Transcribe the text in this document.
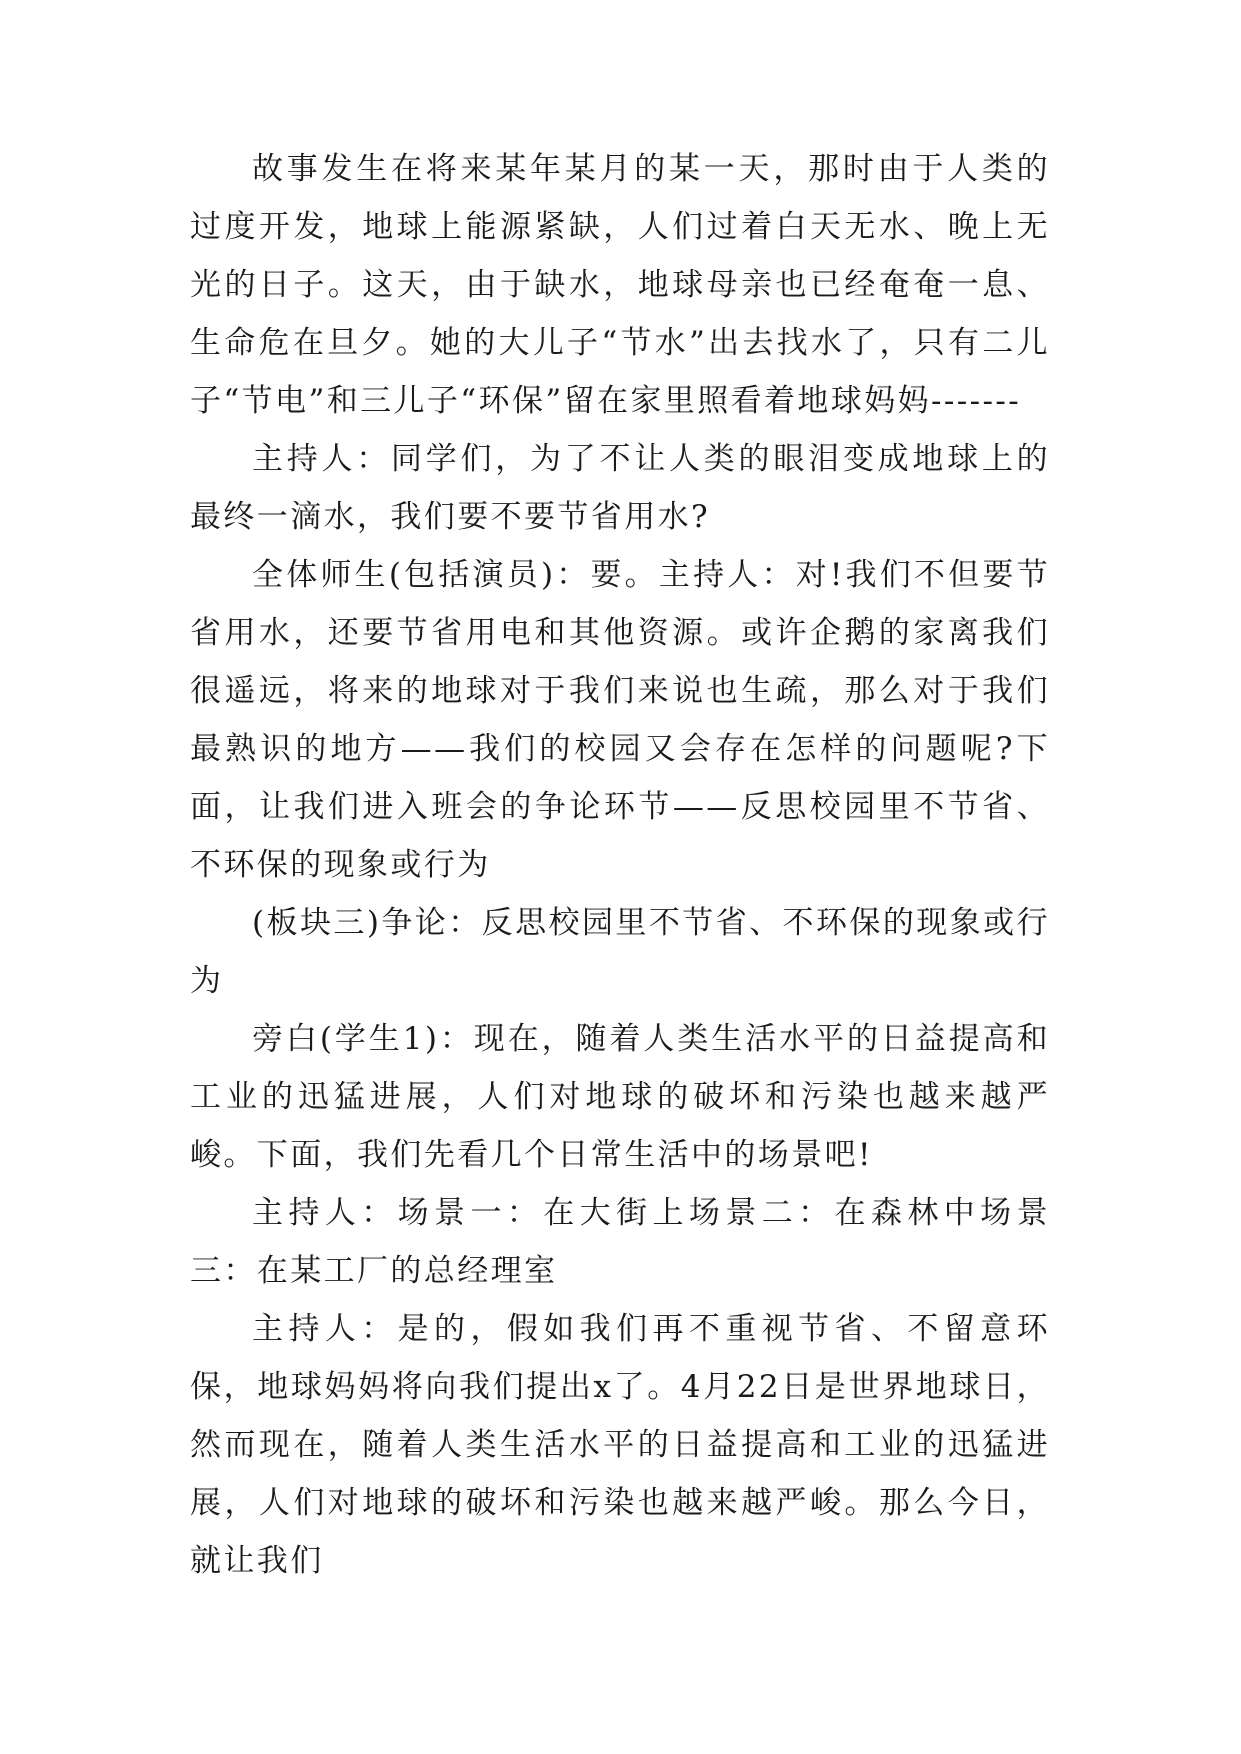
故事发生在将来某年某月的某一天，那时由于人类的过度开发，地球上能源紧缺，人们过着白天无水、晚上无光的日子。这天，由于缺水，地球母亲也已经奄奄一息、生命危在旦夕。她的大儿子“节水”出去找水了，只有二儿子“节电”和三儿子“环保”留在家里照看着地球妈妈-------

主持人：同学们，为了不让人类的眼泪变成地球上的最终一滴水，我们要不要节省用水?

全体师生(包括演员)：要。主持人：对!我们不但要节省用水，还要节省用电和其他资源。或许企鹅的家离我们很遥远，将来的地球对于我们来说也生疏，那么对于我们最熟识的地方——我们的校园又会存在怎样的问题呢?下面，让我们进入班会的争论环节——反思校园里不节省、不环保的现象或行为

(板块三)争论：反思校园里不节省、不环保的现象或行为

旁白(学生1)：现在，随着人类生活水平的日益提高和工业的迅猛进展，人们对地球的破坏和污染也越来越严峻。下面，我们先看几个日常生活中的场景吧!

主持人：场景一：在大街上场景二：在森林中场景三：在某工厂的总经理室

主持人：是的，假如我们再不重视节省、不留意环保，地球妈妈将向我们提出x了。4月22日是世界地球日，然而现在，随着人类生活水平的日益提高和工业的迅猛进展，人们对地球的破坏和污染也越来越严峻。那么今日，就让我们
